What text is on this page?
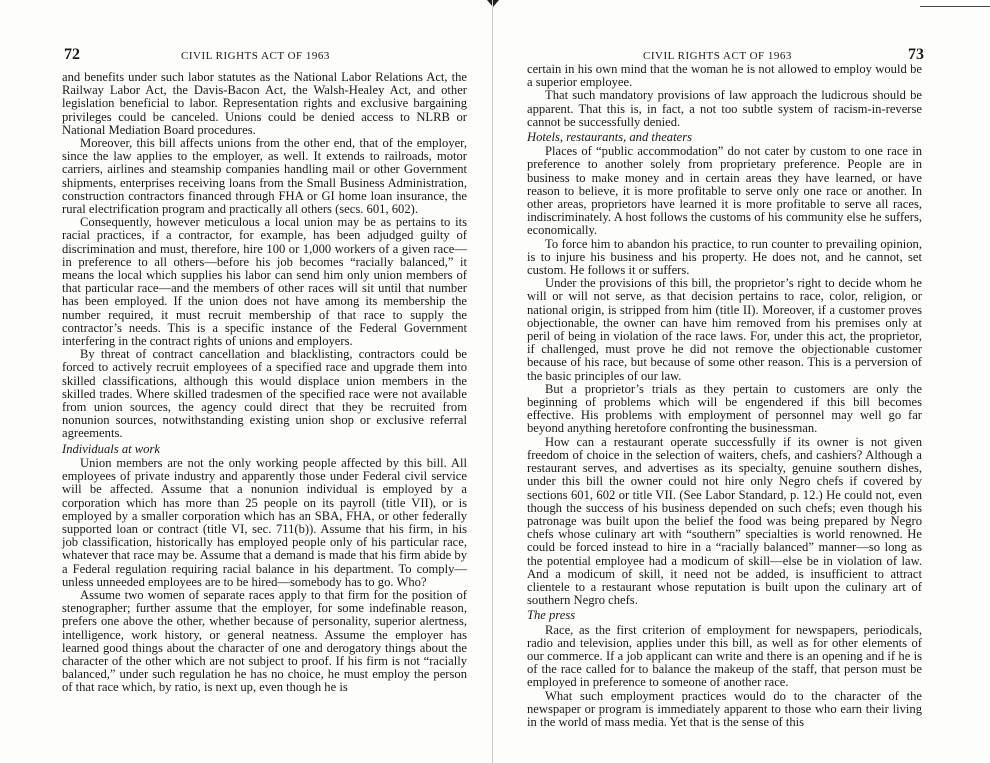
72	CIVIL RIGHTS ACT OF 1963

and benefits under such labor statutes as the National Labor Relations Act, the Railway Labor Act, the Davis-Bacon Act, the Walsh-Healey Act, and other legislation beneficial to labor. Representation rights and exclusive bargaining privileges could be canceled. Unions could be denied access to NLRB or National Mediation Board procedures.

Moreover, this bill affects unions from the other end, that of the employer, since the law applies to the employer, as well. It extends to railroads, motor carriers, airlines and steamship companies handling mail or other Government shipments, enterprises receiving loans from the Small Business Administration, construction contractors financed through FHA or GI home loan insurance, the rural electrification program and practically all others (secs. 601, 602).

Consequently, however meticulous a local union may be as pertains to its racial practices, if a contractor, for example, has been adjudged guilty of discrimination and must, therefore, hire 100 or 1,000 workers of a given race—in preference to all others—before his job becomes “racially balanced,” it means the local which supplies his labor can send him only union members of that particular race—and the members of other races will sit until that number has been employed. If the union does not have among its membership the number required, it must recruit membership of that race to supply the contractor’s needs. This is a specific instance of the Federal Government interfering in the contract rights of unions and employers.

By threat of contract cancellation and blacklisting, contractors could be forced to actively recruit employees of a specified race and upgrade them into skilled classifications, although this would displace union members in the skilled trades. Where skilled tradesmen of the specified race were not available from union sources, the agency could direct that they be recruited from nonunion sources, notwithstanding existing union shop or exclusive referral agreements.

Individuals at work

Union members are not the only working people affected by this bill. All employees of private industry and apparently those under Federal civil service will be affected. Assume that a nonunion individual is employed by a corporation which has more than 25 people on its payroll (title VII), or is employed by a smaller corporation which has an SBA, FHA, or other federally supported loan or contract (title VI, sec. 711(b)). Assume that his firm, in his job classification, historically has employed people only of his particular race, whatever that race may be. Assume that a demand is made that his firm abide by a Federal regulation requiring racial balance in his department. To comply—unless unneeded employees are to be hired—somebody has to go. Who?

Assume two women of separate races apply to that firm for the position of stenographer; further assume that the employer, for some indefinable reason, prefers one above the other, whether because of personality, superior alertness, intelligence, work history, or general neatness. Assume the employer has learned good things about the character of one and derogatory things about the character of the other which are not subject to proof. If his firm is not “racially balanced,” under such regulation he has no choice, he must employ the person of that race which, by ratio, is next up, even though he is

CIVIL RIGHTS ACT OF 1963	73

certain in his own mind that the woman he is not allowed to employ would be a superior employee.

That such mandatory provisions of law approach the ludicrous should be apparent. That this is, in fact, a not too subtle system of racism-in-reverse cannot be successfully denied.

Hotels, restaurants, and theaters

Places of “public accommodation” do not cater by custom to one race in preference to another solely from proprietary preference. People are in business to make money and in certain areas they have learned, or have reason to believe, it is more profitable to serve only one race or another. In other areas, proprietors have learned it is more profitable to serve all races, indiscriminately. A host follows the customs of his community else he suffers, economically.

To force him to abandon his practice, to run counter to prevailing opinion, is to injure his business and his property. He does not, and he cannot, set custom. He follows it or suffers.

Under the provisions of this bill, the proprietor’s right to decide whom he will or will not serve, as that decision pertains to race, color, religion, or national origin, is stripped from him (title II). Moreover, if a customer proves objectionable, the owner can have him removed from his premises only at peril of being in violation of the race laws. For, under this act, the proprietor, if challenged, must prove he did not remove the objectionable customer because of his race, but because of some other reason. This is a perversion of the basic principles of our law.

But a proprietor’s trials as they pertain to customers are only the beginning of problems which will be engendered if this bill becomes effective. His problems with employment of personnel may well go far beyond anything heretofore confronting the businessman.

How can a restaurant operate successfully if its owner is not given freedom of choice in the selection of waiters, chefs, and cashiers? Although a restaurant serves, and advertises as its specialty, genuine southern dishes, under this bill the owner could not hire only Negro chefs if covered by sections 601, 602 or title VII. (See Labor Standard, p. 12.) He could not, even though the success of his business depended on such chefs; even though his patronage was built upon the belief the food was being prepared by Negro chefs whose culinary art with “southern” specialties is world renowned. He could be forced instead to hire in a “racially balanced” manner—so long as the potential employee had a modicum of skill—else be in violation of law. And a modicum of skill, it need not be added, is insufficient to attract clientele to a restaurant whose reputation is built upon the culinary art of southern Negro chefs.

The press

Race, as the first criterion of employment for newspapers, periodicals, radio and television, applies under this bill, as well as for other elements of our commerce. If a job applicant can write and there is an opening and if he is of the race called for to balance the makeup of the staff, that person must be employed in preference to someone of another race.

What such employment practices would do to the character of the newspaper or program is immediately apparent to those who earn their living in the world of mass media. Yet that is the sense of this
